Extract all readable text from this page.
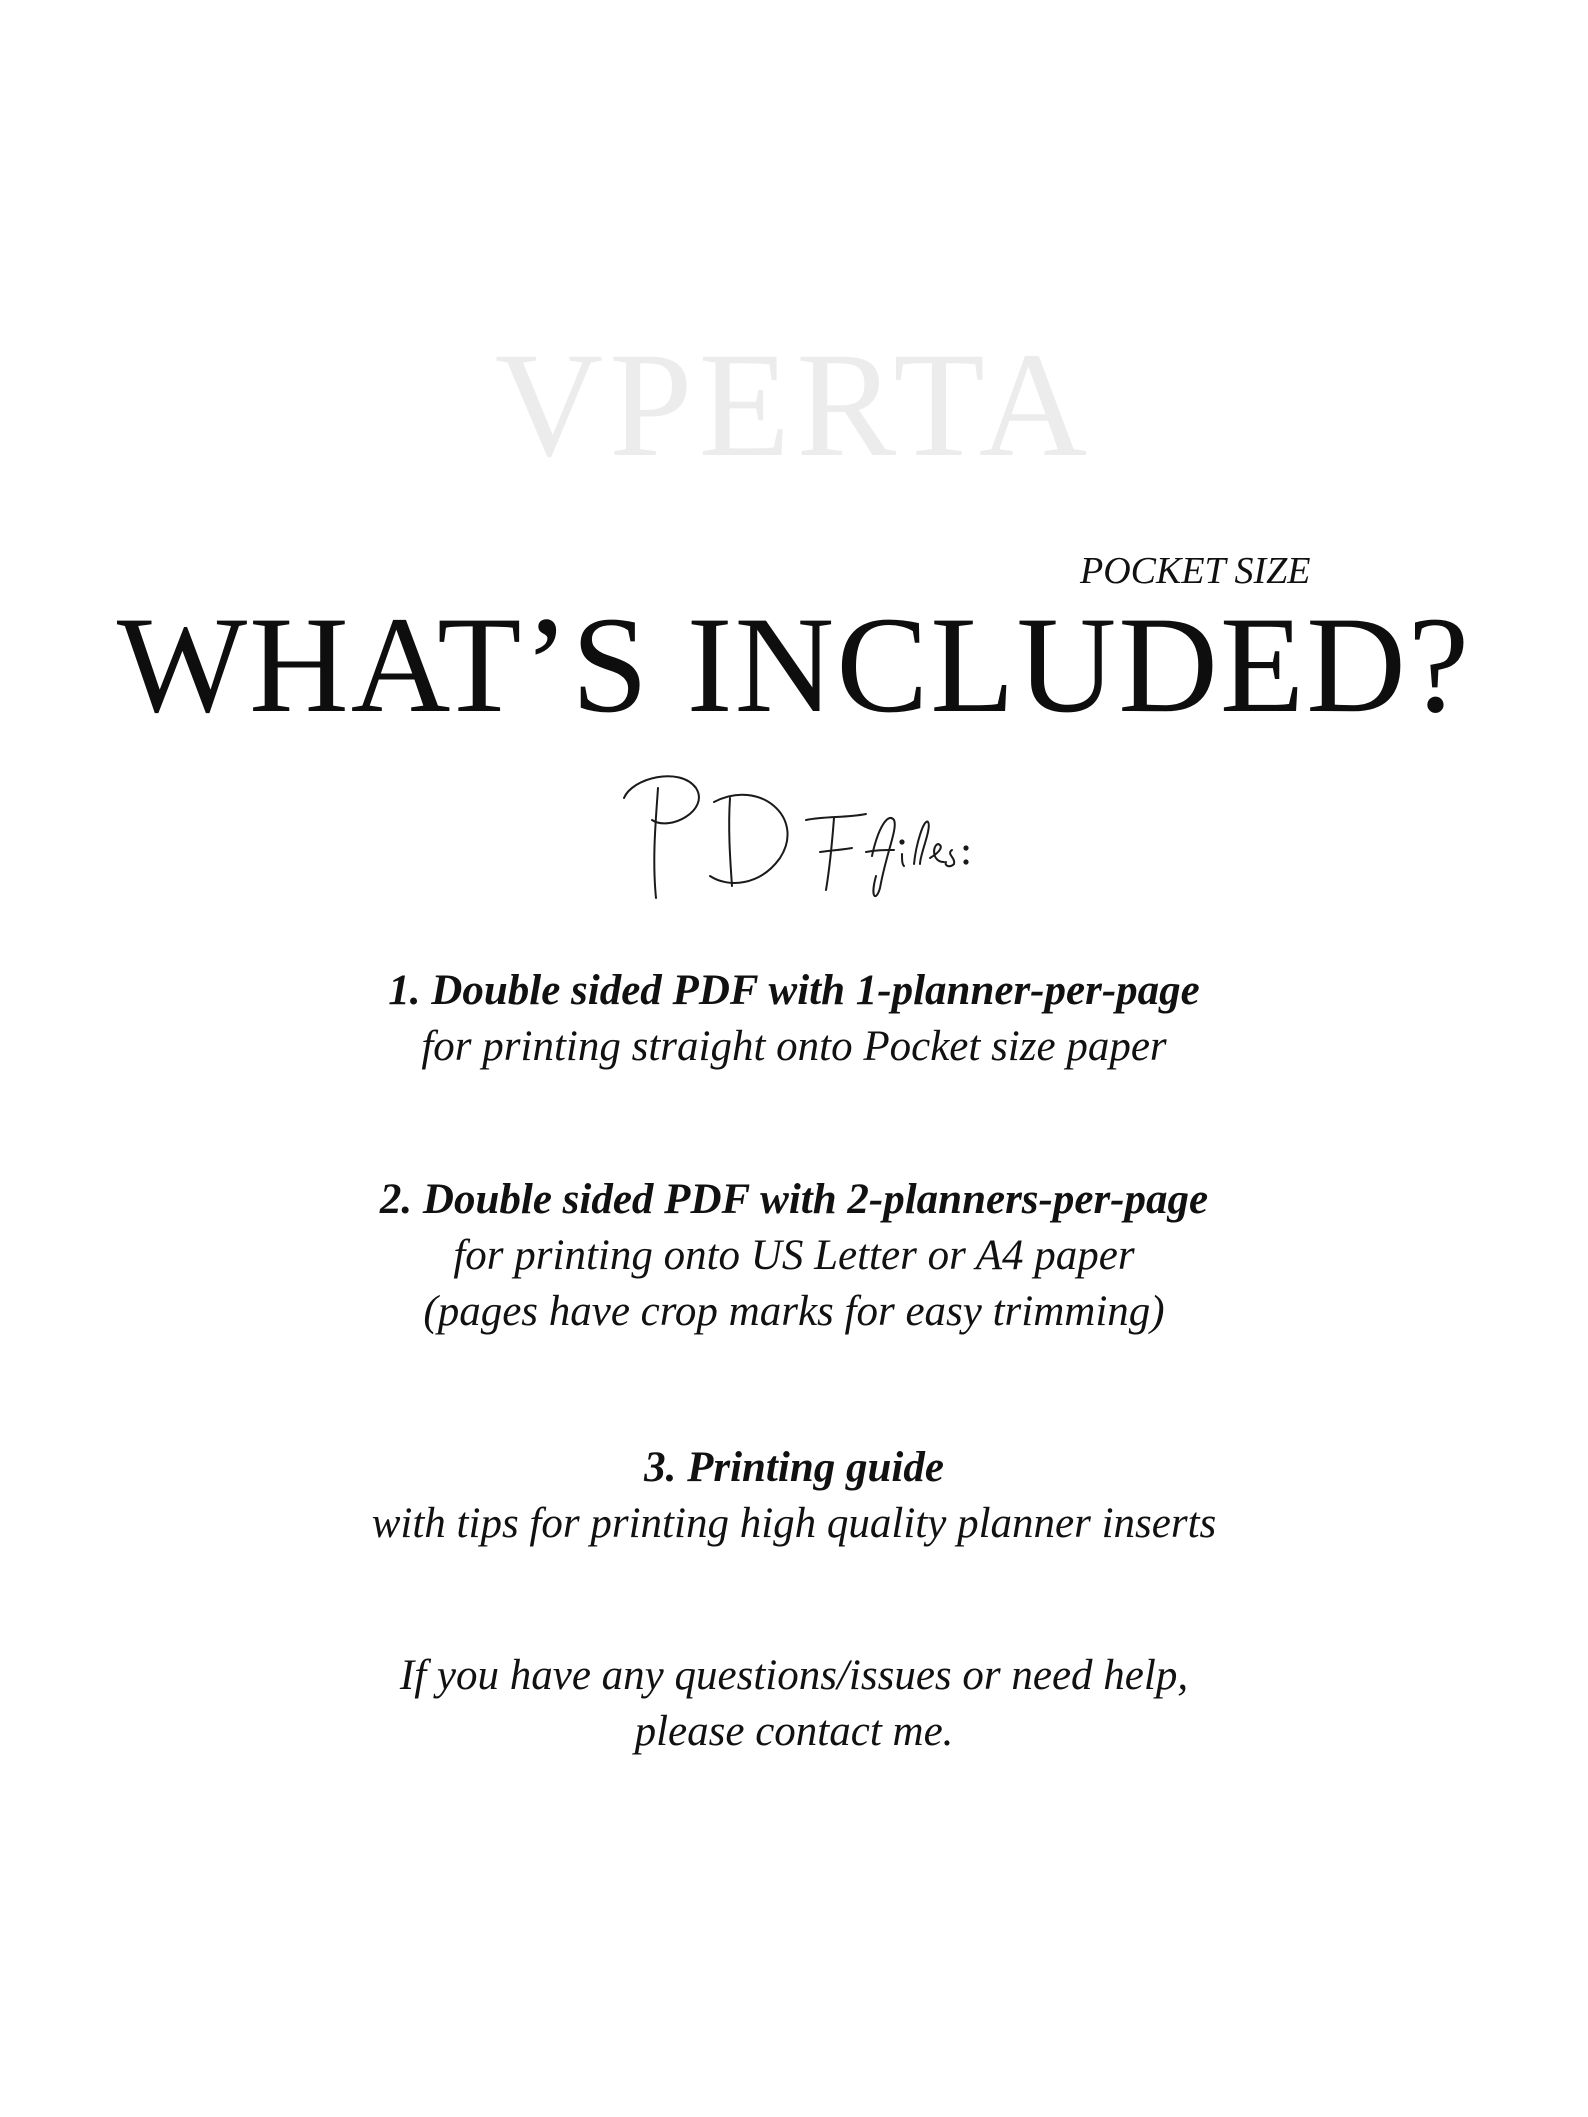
VPERTA
POCKET SIZE
WHAT’S INCLUDED?
1. Double sided PDF with 1-planner-per-page
for printing straight onto Pocket size paper
2. Double sided PDF with 2-planners-per-page
for printing onto US Letter or A4 paper
(pages have crop marks for easy trimming)
3. Printing guide
with tips for printing high quality planner inserts
If you have any questions/issues or need help,
please contact me.
